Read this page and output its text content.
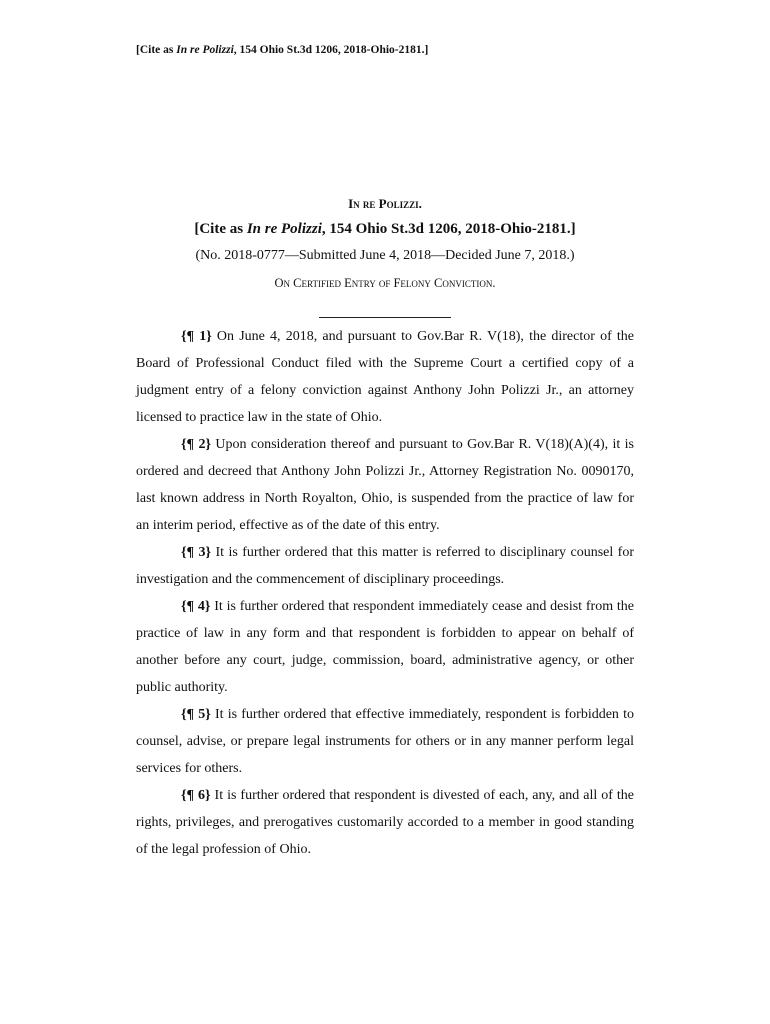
[Cite as In re Polizzi, 154 Ohio St.3d 1206, 2018-Ohio-2181.]

In re Polizzi.

[Cite as In re Polizzi, 154 Ohio St.3d 1206, 2018-Ohio-2181.]

(No. 2018-0777—Submitted June 4, 2018—Decided June 7, 2018.)

On Certified Entry of Felony Conviction.

{¶ 1} On June 4, 2018, and pursuant to Gov.Bar R. V(18), the director of the Board of Professional Conduct filed with the Supreme Court a certified copy of a judgment entry of a felony conviction against Anthony John Polizzi Jr., an attorney licensed to practice law in the state of Ohio.

{¶ 2} Upon consideration thereof and pursuant to Gov.Bar R. V(18)(A)(4), it is ordered and decreed that Anthony John Polizzi Jr., Attorney Registration No. 0090170, last known address in North Royalton, Ohio, is suspended from the practice of law for an interim period, effective as of the date of this entry.

{¶ 3} It is further ordered that this matter is referred to disciplinary counsel for investigation and the commencement of disciplinary proceedings.

{¶ 4} It is further ordered that respondent immediately cease and desist from the practice of law in any form and that respondent is forbidden to appear on behalf of another before any court, judge, commission, board, administrative agency, or other public authority.

{¶ 5} It is further ordered that effective immediately, respondent is forbidden to counsel, advise, or prepare legal instruments for others or in any manner perform legal services for others.

{¶ 6} It is further ordered that respondent is divested of each, any, and all of the rights, privileges, and prerogatives customarily accorded to a member in good standing of the legal profession of Ohio.
